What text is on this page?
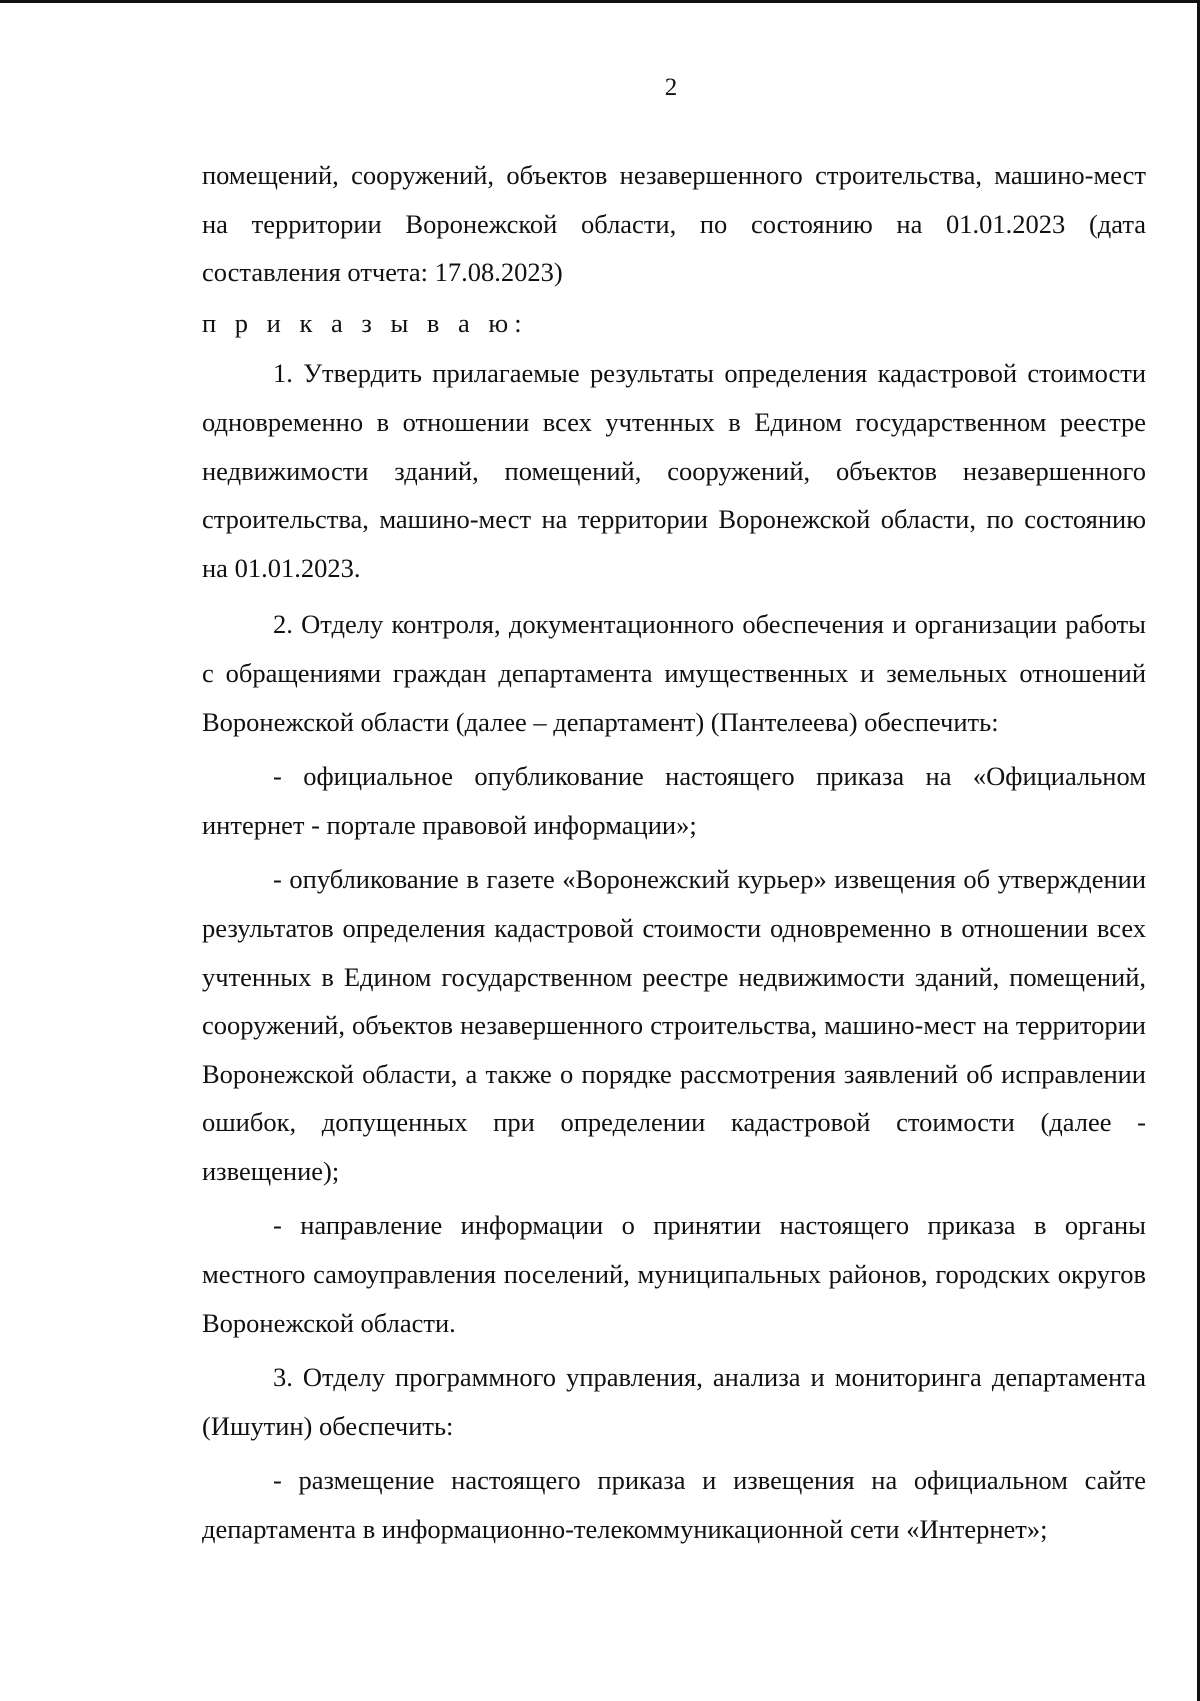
2

помещений, сооружений, объектов незавершенного строительства, машино-мест на территории Воронежской области, по состоянию на 01.01.2023 (дата составления отчета: 17.08.2023)

п р и к а з ы в а ю:

1. Утвердить прилагаемые результаты определения кадастровой стоимости одновременно в отношении всех учтенных в Едином государственном реестре недвижимости зданий, помещений, сооружений, объектов незавершенного строительства, машино-мест на территории Воронежской области, по состоянию на 01.01.2023.

2. Отделу контроля, документационного обеспечения и организации работы с обращениями граждан департамента имущественных и земельных отношений Воронежской области (далее – департамент) (Пантелеева) обеспечить:

- официальное опубликование настоящего приказа на «Официальном интернет - портале правовой информации»;

- опубликование в газете «Воронежский курьер» извещения об утверждении результатов определения кадастровой стоимости одновременно в отношении всех учтенных в Едином государственном реестре недвижимости зданий, помещений, сооружений, объектов незавершенного строительства, машино-мест на территории Воронежской области, а также о порядке рассмотрения заявлений об исправлении ошибок, допущенных при определении кадастровой стоимости (далее - извещение);

- направление информации о принятии настоящего приказа в органы местного самоуправления поселений, муниципальных районов, городских округов Воронежской области.

3. Отделу программного управления, анализа и мониторинга департамента (Ишутин) обеспечить:

- размещение настоящего приказа и извещения на официальном сайте департамента в информационно-телекоммуникационной сети «Интернет»;
